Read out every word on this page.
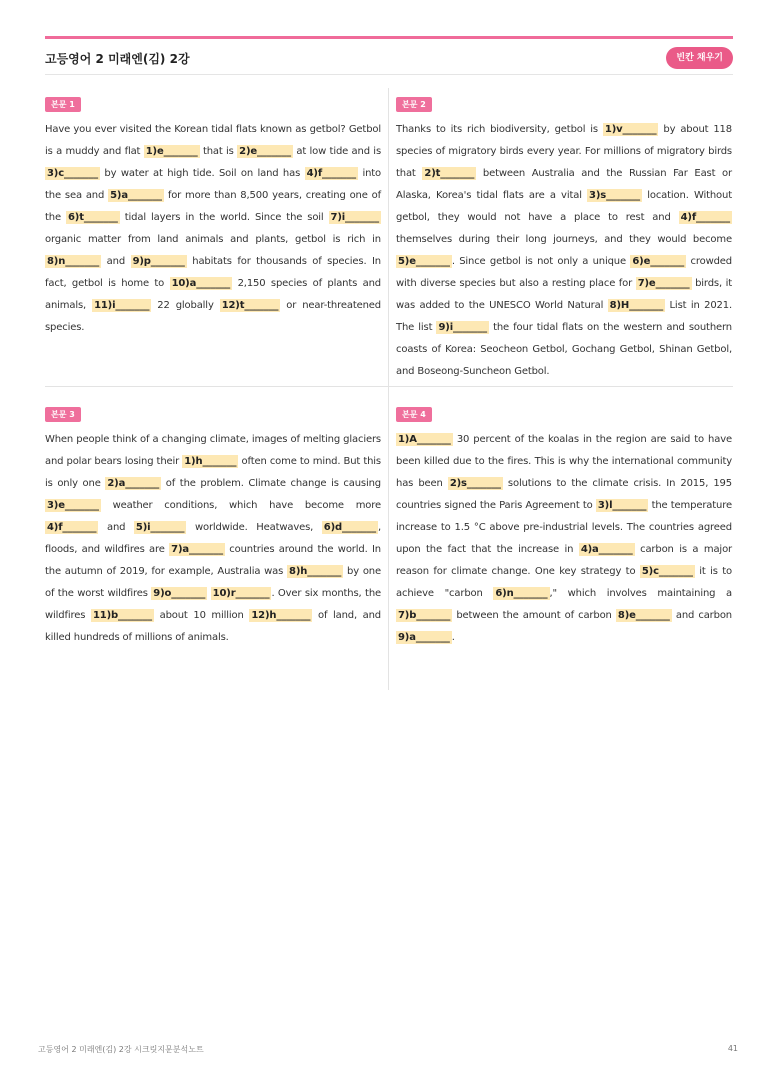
고등영어 2 미래엔(김) 2강	빈칸 채우기
본문 1
Have you ever visited the Korean tidal flats known as getbol? Getbol is a muddy and flat 1)e_______ that is 2)e_______ at low tide and is 3)c_______ by water at high tide. Soil on land has 4)f_______ into the sea and 5)a_______ for more than 8,500 years, creating one of the 6)t_______ tidal layers in the world. Since the soil 7)i_______ organic matter from land animals and plants, getbol is rich in 8)n_______ and 9)p_______ habitats for thousands of species. In fact, getbol is home to 10)a_______ 2,150 species of plants and animals, 11)i_______ 22 globally 12)t_______ or near-threatened species.
본문 2
Thanks to its rich biodiversity, getbol is 1)v_______ by about 118 species of migratory birds every year. For millions of migratory birds that 2)t_______ between Australia and the Russian Far East or Alaska, Korea's tidal flats are a vital 3)s_______ location. Without getbol, they would not have a place to rest and 4)f_______ themselves during their long journeys, and they would become 5)e_______ . Since getbol is not only a unique 6)e_______ crowded with diverse species but also a resting place for 7)e_______ birds, it was added to the UNESCO World Natural 8)H_______ List in 2021. The list 9)i_______ the four tidal flats on the western and southern coasts of Korea: Seocheon Getbol, Gochang Getbol, Shinan Getbol, and Boseong-Suncheon Getbol.
본문 3
When people think of a changing climate, images of melting glaciers and polar bears losing their 1)h_______ often come to mind. But this is only one 2)a_______ of the problem. Climate change is causing 3)e_______ weather conditions, which have become more 4)f_______ and 5)i_______ worldwide. Heatwaves, 6)d_______ , floods, and wildfires are 7)a_______ countries around the world. In the autumn of 2019, for example, Australia was 8)h_______ by one of the worst wildfires 9)o_______ 10)r_______ . Over six months, the wildfires 11)b_______ about 10 million 12)h_______ of land, and killed hundreds of millions of animals.
본문 4
1)A_______ 30 percent of the koalas in the region are said to have been killed due to the fires. This is why the international community has been 2)s_______ solutions to the climate crisis. In 2015, 195 countries signed the Paris Agreement to 3)l_______ the temperature increase to 1.5 °C above pre-industrial levels. The countries agreed upon the fact that the increase in 4)a_______ carbon is a major reason for climate change. One key strategy to 5)c_______ it is to achieve "carbon 6)n_______ ," which involves maintaining a 7)b_______ between the amount of carbon 8)e_______ and carbon 9)a_______ .
고등영어 2 미래엔(김) 2강 시크릿지문분석노트	41
